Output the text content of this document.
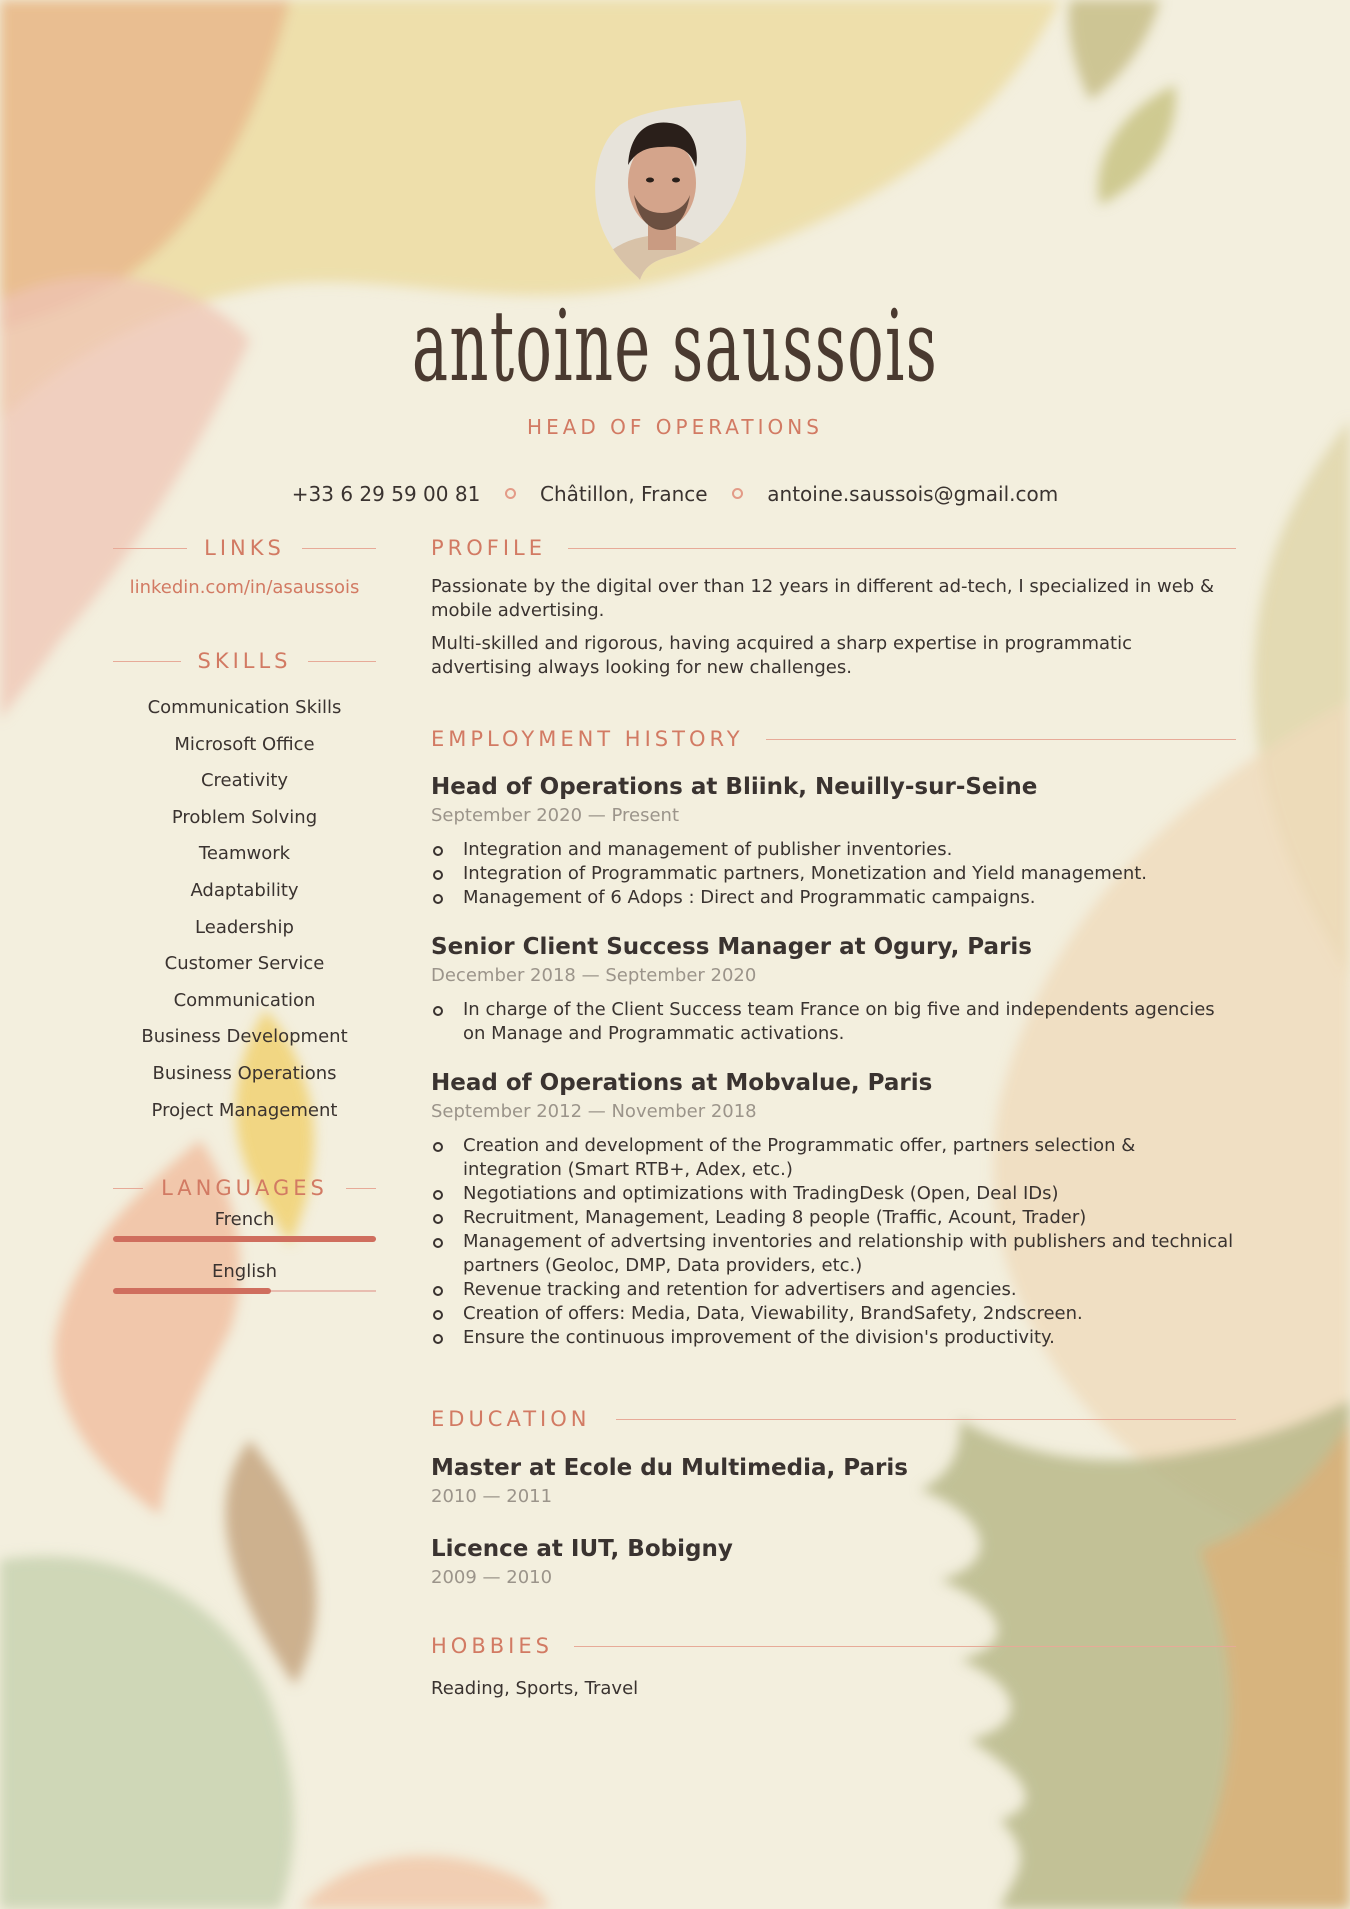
antoine saussois
HEAD OF OPERATIONS
+33 6 29 59 00 81	Châtillon, France	antoine.saussois@gmail.com
LINKS
linkedin.com/in/asaussois
SKILLS
Communication Skills
Microsoft Office
Creativity
Problem Solving
Teamwork
Adaptability
Leadership
Customer Service
Communication
Business Development
Business Operations
Project Management
LANGUAGES
French
English
PROFILE

Passionate by the digital over than 12 years in different ad-tech, I specialized in web & mobile advertising.

Multi-skilled and rigorous, having acquired a sharp expertise in programmatic advertising always looking for new challenges.

EMPLOYMENT HISTORY
Head of Operations at Bliink, Neuilly-sur-Seine
September 2020 — Present
Integration and management of publisher inventories.
Integration of Programmatic partners, Monetization and Yield management.
Management of 6 Adops : Direct and Programmatic campaigns.
Senior Client Success Manager at Ogury, Paris
December 2018 — September 2020
In charge of the Client Success team France on big five and independents agencies on Manage and Programmatic activations.
Head of Operations at Mobvalue, Paris
September 2012 — November 2018
Creation and development of the Programmatic offer, partners selection & integration (Smart RTB+, Adex, etc.)
Negotiations and optimizations with TradingDesk (Open, Deal IDs)
Recruitment, Management, Leading 8 people (Traffic, Acount, Trader)
Management of advertsing inventories and relationship with publishers and technical partners (Geoloc, DMP, Data providers, etc.)
Revenue tracking and retention for advertisers and agencies.
Creation of offers: Media, Data, Viewability, BrandSafety, 2ndscreen.
Ensure the continuous improvement of the division's productivity.
EDUCATION
Master at Ecole du Multimedia, Paris
2010 — 2011
Licence at IUT, Bobigny
2009 — 2010
HOBBIES

Reading, Sports, Travel
